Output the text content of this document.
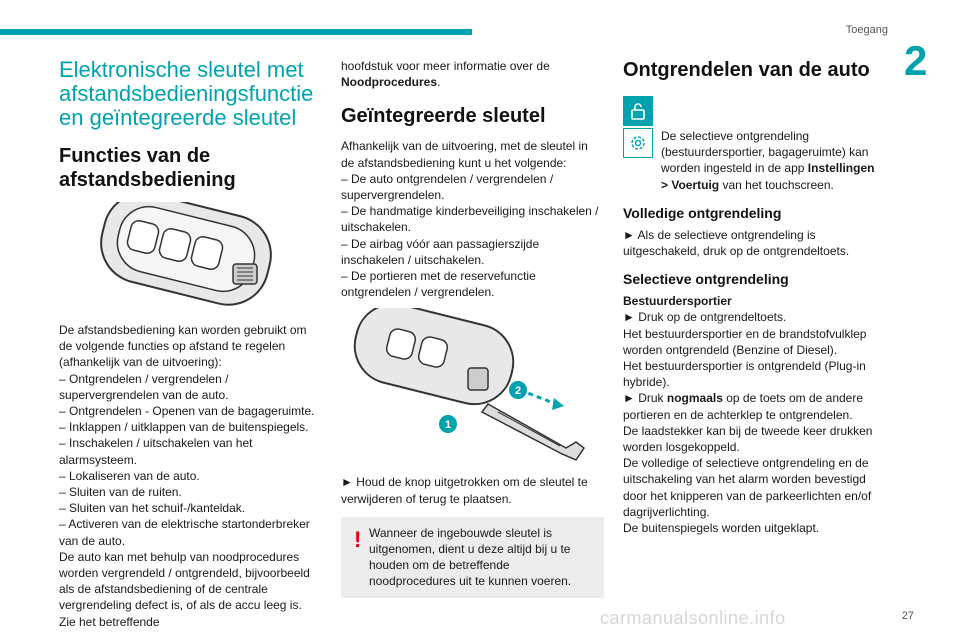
Toegang
2
Elektronische sleutel met afstandsbedieningsfunctie en geïntegreerde sleutel
Functies van de afstandsbediening

De afstandsbediening kan worden gebruikt om de volgende functies op afstand te regelen (afhankelijk van de uitvoering):

– Ontgrendelen / vergrendelen / supervergrendelen van de auto.

– Ontgrendelen - Openen van de bagageruimte.

– Inklappen / uitklappen van de buitenspiegels.

– Inschakelen / uitschakelen van het alarmsysteem.

– Lokaliseren van de auto.

– Sluiten van de ruiten.

– Sluiten van het schuif-/kanteldak.

– Activeren van de elektrische startonderbreker van de auto.

De auto kan met behulp van noodprocedures worden vergrendeld / ontgrendeld, bijvoorbeeld als de afstandsbediening of de centrale vergrendeling defect is, of als de accu leeg is. Zie het betreffende

hoofdstuk voor meer informatie over de Noodprocedures.

Geïntegreerde sleutel

Afhankelijk van de uitvoering, met de sleutel in de afstandsbediening kunt u het volgende:

– De auto ontgrendelen / vergrendelen / supervergrendelen.

– De handmatige kinderbeveiliging inschakelen / uitschakelen.

– De airbag vóór aan passagierszijde inschakelen / uitschakelen.

– De portieren met de reservefunctie ontgrendelen / vergrendelen.

1
2

► Houd de knop uitgetrokken om de sleutel te verwijderen of terug te plaatsen.

! Wanneer de ingebouwde sleutel is uitgenomen, dient u deze altijd bij u te houden om de betreffende noodprocedures uit te kunnen voeren.

Ontgrendelen van de auto

De selectieve ontgrendeling (bestuurdersportier, bagageruimte) kan worden ingesteld in de app Instellingen > Voertuig van het touchscreen.

Volledige ontgrendeling

► Als de selectieve ontgrendeling is uitgeschakeld, druk op de ontgrendeltoets.

Selectieve ontgrendeling

Bestuurdersportier

► Druk op de ontgrendeltoets.

Het bestuurdersportier en de brandstofvulklep worden ontgrendeld (Benzine of Diesel).

Het bestuurdersportier is ontgrendeld (Plug-in hybride).

► Druk nogmaals op de toets om de andere portieren en de achterklep te ontgrendelen.

De laadstekker kan bij de tweede keer drukken worden losgekoppeld.

De volledige of selectieve ontgrendeling en de uitschakeling van het alarm worden bevestigd door het knipperen van de parkeerlichten en/of dagrijverlichting.

De buitenspiegels worden uitgeklapt.

carmanualsonline.info	27
